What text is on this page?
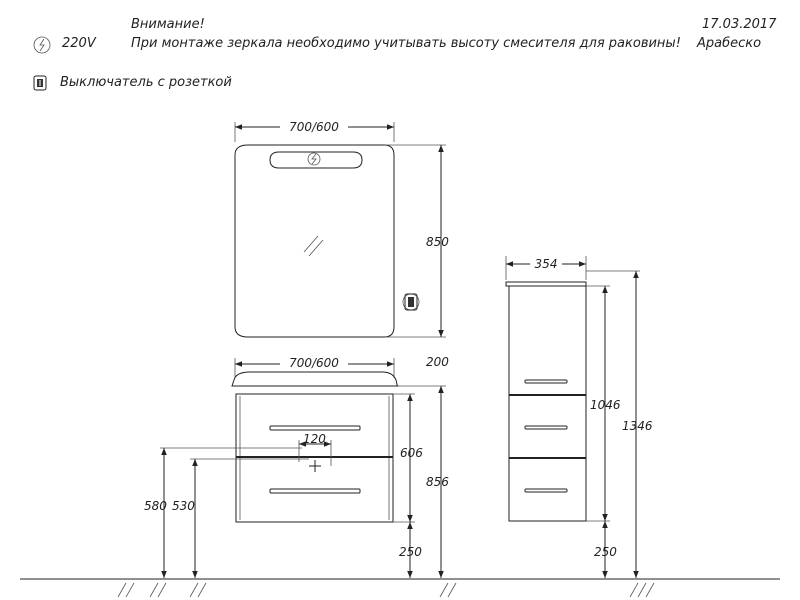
Внимание!
При монтаже зеркала необходимо учитывать высоту смесителя для раковины!
17.03.2017
Арабеско
220V
Выключатель с розеткой
700/600
850
200
700/600
120
580 530
606
250
856
354
1046
250
1346
